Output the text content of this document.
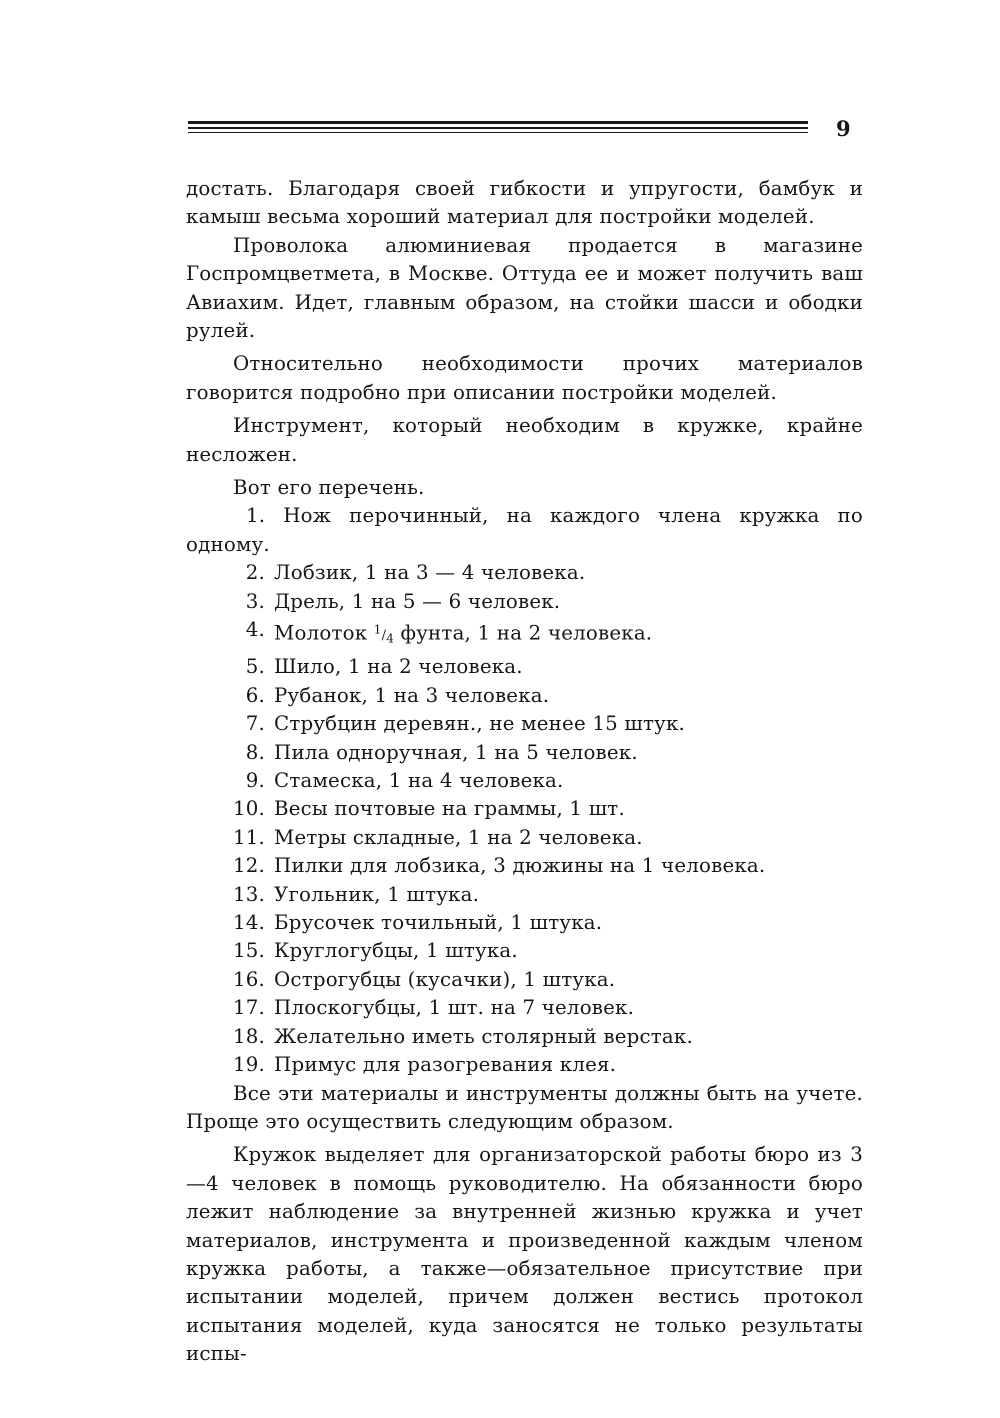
9

достать. Благодаря своей гибкости и упругости, бамбук и камыш весьма хороший материал для постройки моделей.

Проволока алюминиевая продается в магазине Госпромцветмета, в Москве. Оттуда ее и может получить ваш Авиахим. Идет, главным образом, на стойки шасси и ободки рулей.

Относительно необходимости прочих материалов говорится подробно при описании постройки моделей.

Инструмент, который необходим в кружке, крайне несложен.

Вот его перечень.

1. Нож перочинный, на каждого члена кружка по одному.

2. Лобзик, 1 на 3 — 4 человека.
3. Дрель, 1 на 5 — 6 человек.
4. Молоток $^1/_4$ фунта, 1 на 2 человека.
5. Шило, 1 на 2 человека.
6. Рубанок, 1 на 3 человека.
7. Струбцин деревян., не менее 15 штук.
8. Пила одноручная, 1 на 5 человек.
9. Стамеска, 1 на 4 человека.
10. Весы почтовые на граммы, 1 шт.
11. Метры складные, 1 на 2 человека.
12. Пилки для лобзика, 3 дюжины на 1 человека.
13. Угольник, 1 штука.
14. Брусочек точильный, 1 штука.
15. Круглогубцы, 1 штука.
16. Острогубцы (кусачки), 1 штука.
17. Плоскогубцы, 1 шт. на 7 человек.
18. Желательно иметь столярный верстак.
19. Примус для разогревания клея.

Все эти материалы и инструменты должны быть на учете. Проще это осуществить следующим образом.

Кружок выделяет для организаторской работы бюро из 3—4 человек в помощь руководителю. На обязанности бюро лежит наблюдение за внутренней жизнью кружка и учет материалов, инструмента и произведенной каждым членом кружка работы, а также—обязательное присутствие при испытании моделей, причем должен вестись протокол испытания моделей, куда заносятся не только результаты испы-
